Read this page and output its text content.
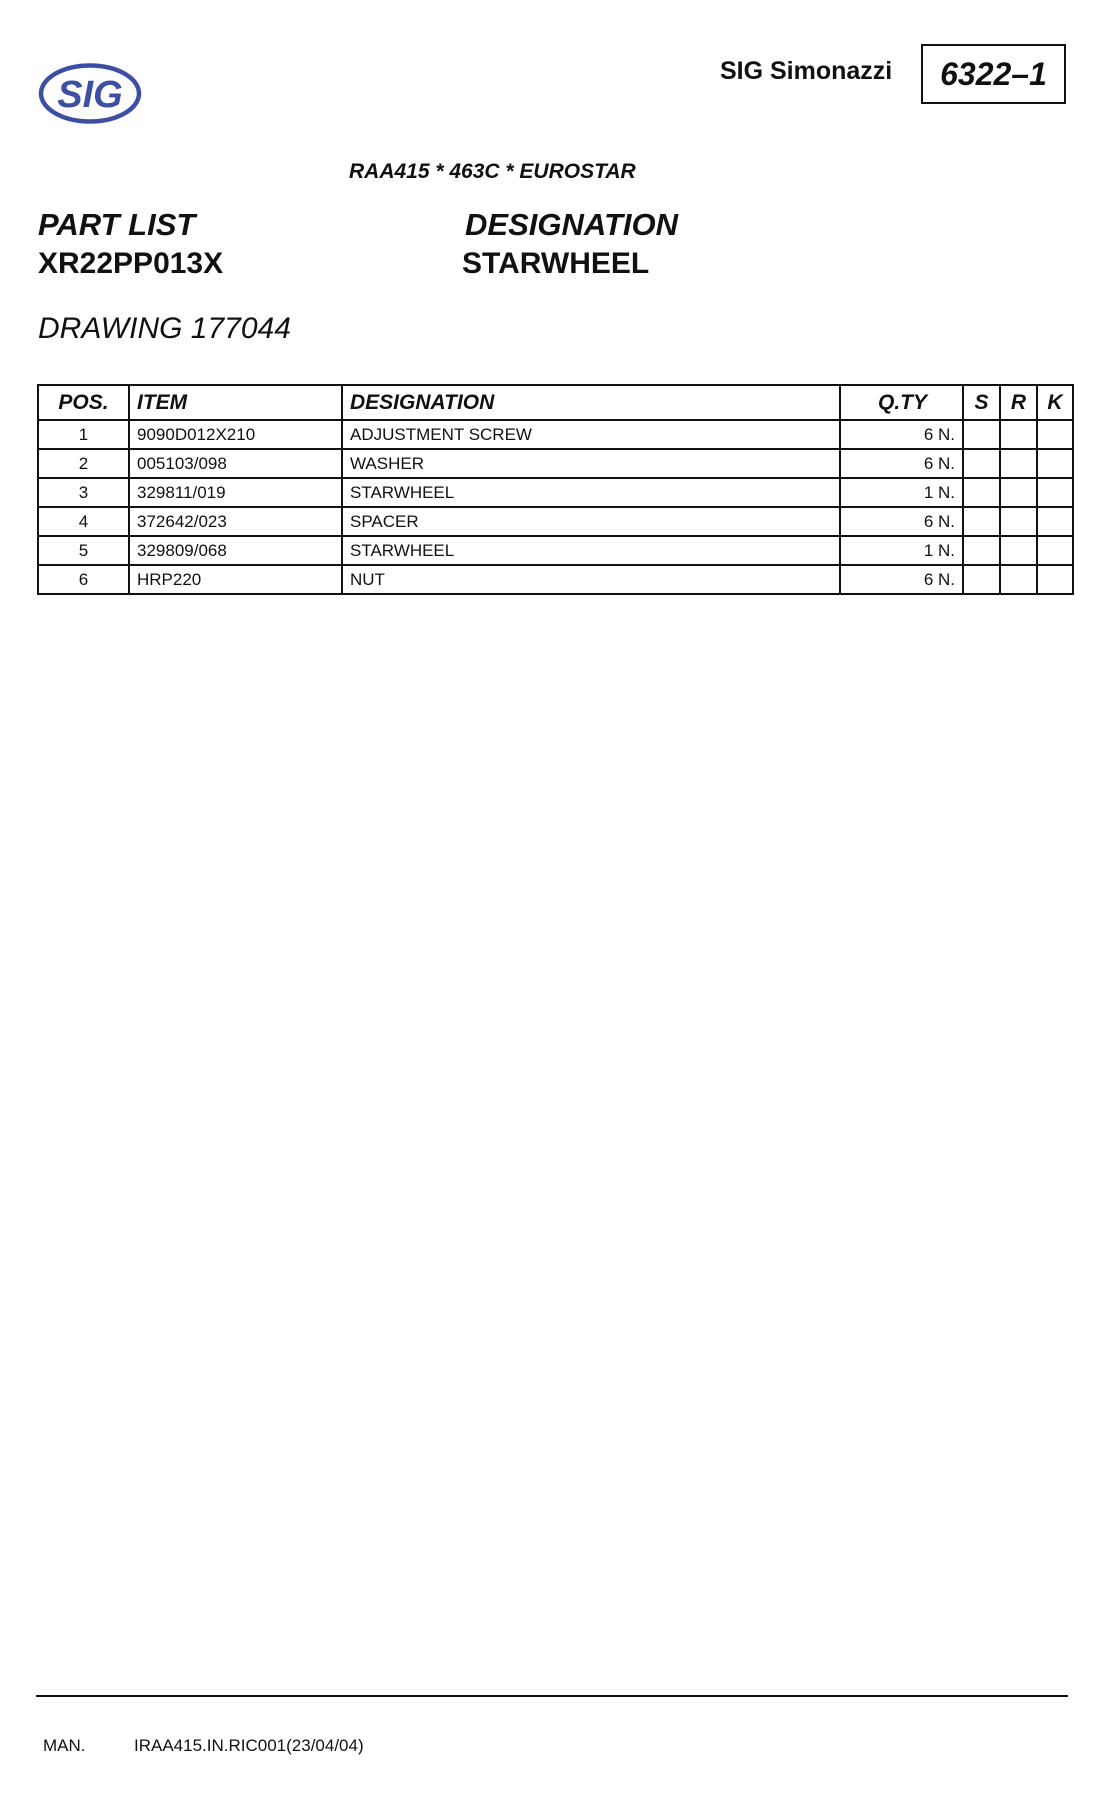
SIG
SIG Simonazzi 6322–1
RAA415 * 463C * EUROSTAR
PART LIST
XR22PP013X
DESIGNATION
STARWHEEL
DRAWING 177044
POS.	ITEM	DESIGNATION	Q.TY	S	R	K
1	9090D012X210	ADJUSTMENT SCREW	6 N.			
2	005103/098	WASHER	6 N.			
3	329811/019	STARWHEEL	1 N.			
4	372642/023	SPACER	6 N.			
5	329809/068	STARWHEEL	1 N.			
6	HRP220	NUT	6 N.			
MAN.	IRAA415.IN.RIC001(23/04/04)
